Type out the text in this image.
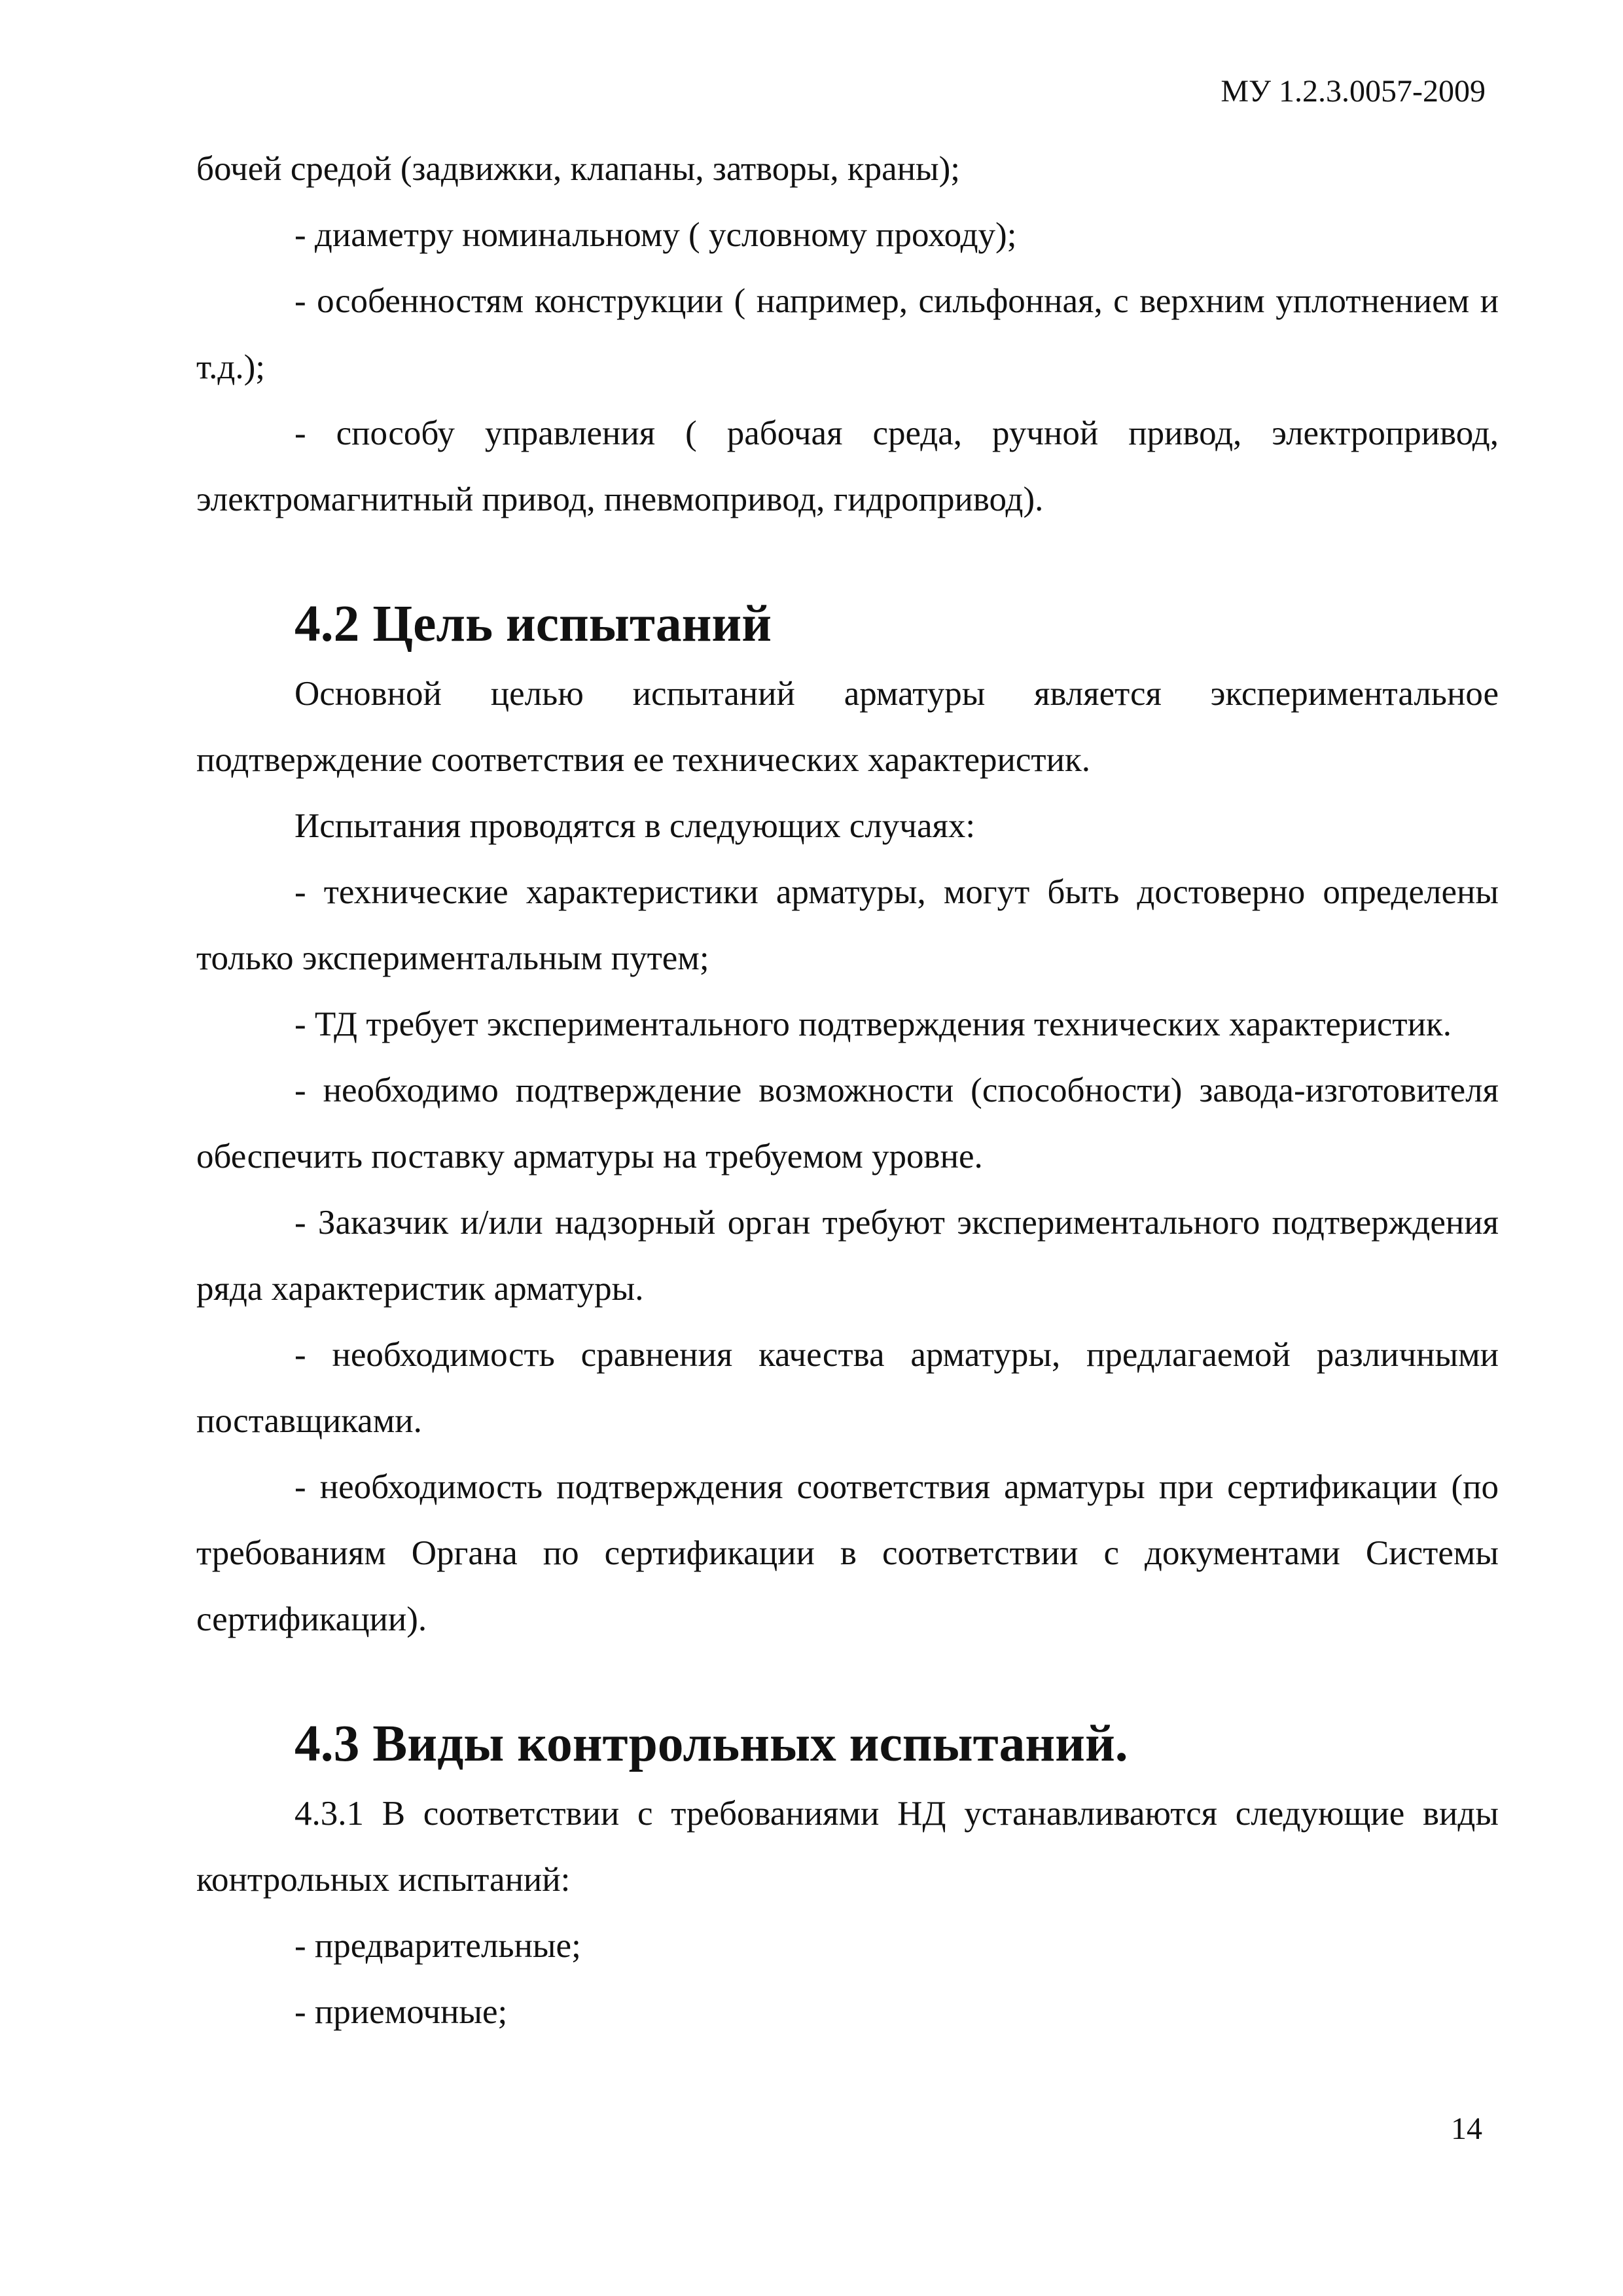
МУ 1.2.3.0057-2009

бочей средой (задвижки, клапаны, затворы, краны);

- диаметру номинальному ( условному проходу);

- особенностям конструкции ( например, сильфонная, с верхним уплотнением и т.д.);

- способу управления ( рабочая среда, ручной привод, электропривод, электромагнитный привод, пневмопривод, гидропривод).

4.2 Цель испытаний

Основной целью испытаний арматуры является экспериментальное подтверждение соответствия ее технических характеристик.

Испытания проводятся в следующих случаях:

- технические характеристики арматуры, могут быть достоверно определены только экспериментальным путем;

- ТД требует экспериментального подтверждения технических характеристик.

- необходимо подтверждение возможности (способности) завода-изготовителя обеспечить поставку арматуры на требуемом уровне.

- Заказчик и/или надзорный орган требуют экспериментального подтверждения ряда характеристик арматуры.

- необходимость сравнения качества арматуры, предлагаемой различными поставщиками.

- необходимость подтверждения соответствия арматуры при сертификации (по требованиям Органа по сертификации в соответствии с документами Системы сертификации).

4.3 Виды контрольных испытаний.

4.3.1 В соответствии с требованиями НД устанавливаются следующие виды контрольных испытаний:

- предварительные;

- приемочные;

14
